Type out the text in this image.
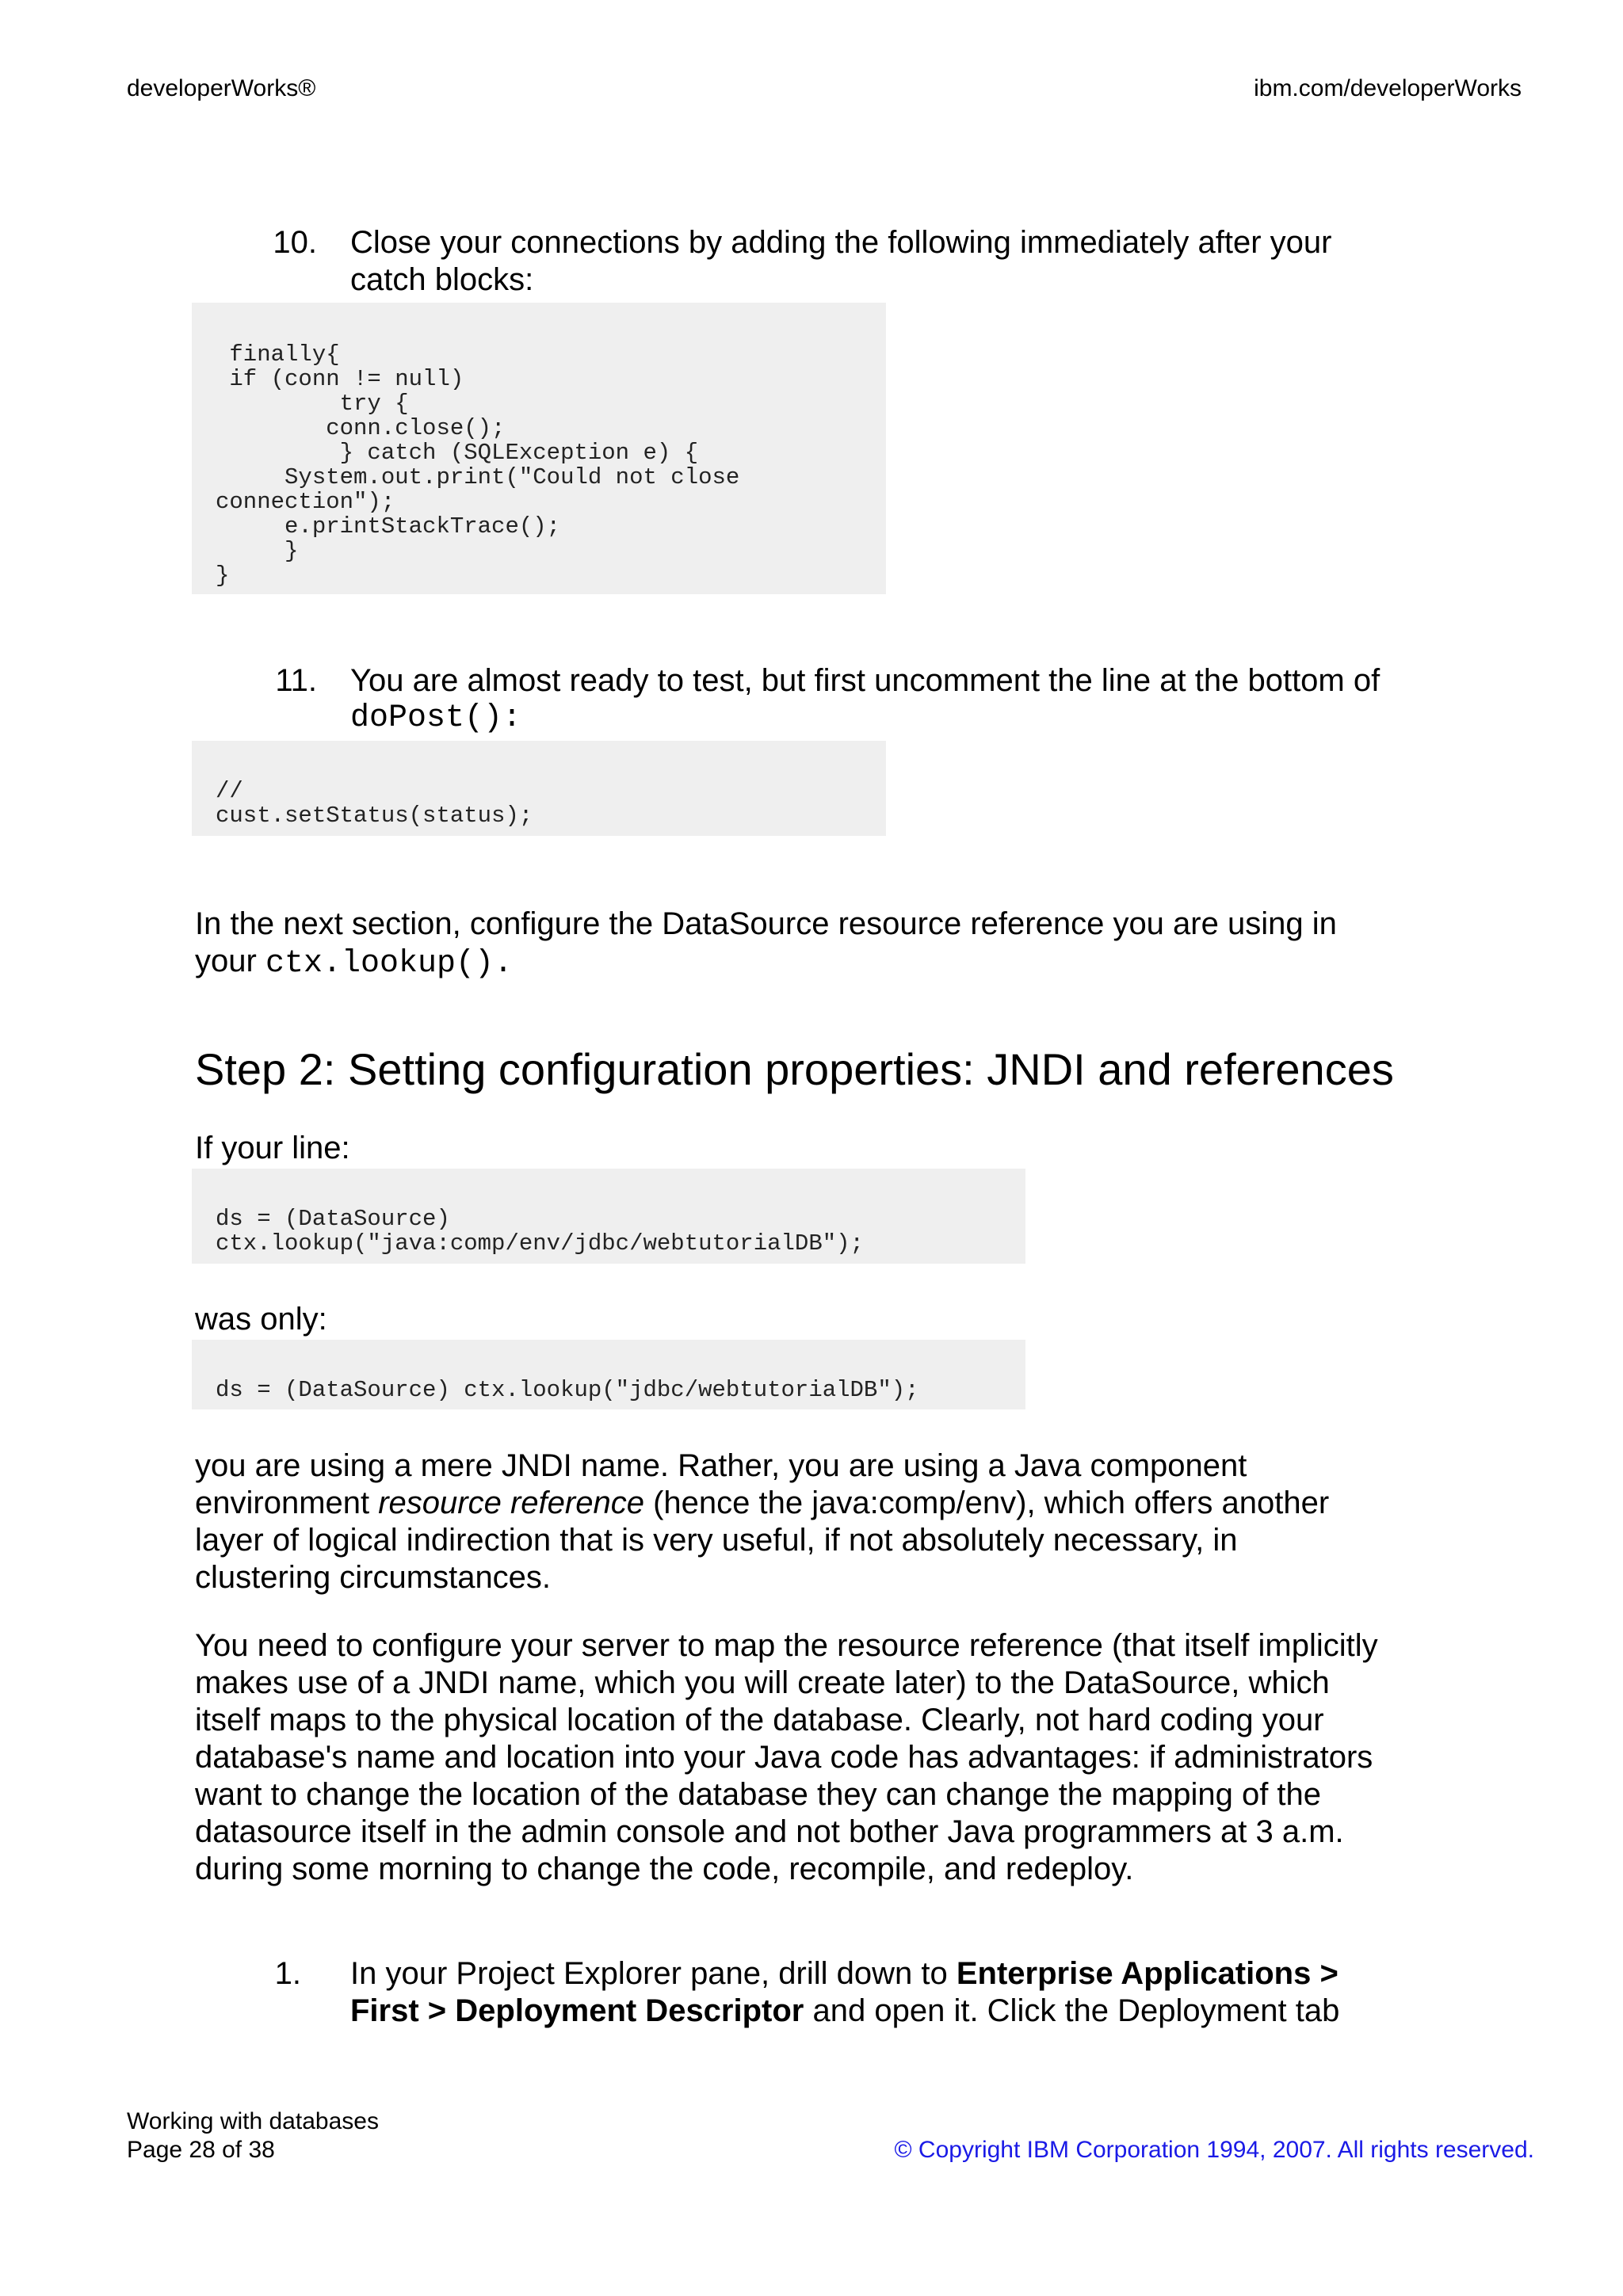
developerWorks®	ibm.com/developerWorks
10. Close your connections by adding the following immediately after your
catch blocks:
finally{
if (conn != null)
try {
conn.close();
} catch (SQLException e) {
System.out.print("Could not close
connection");
e.printStackTrace();
}
}
11. You are almost ready to test, but first uncomment the line at the bottom of
doPost():
//
cust.setStatus(status);
In the next section, configure the DataSource resource reference you are using in
your ctx.lookup().
Step 2: Setting configuration properties: JNDI and references
If your line:
ds = (DataSource)
ctx.lookup("java:comp/env/jdbc/webtutorialDB");
was only:
ds = (DataSource) ctx.lookup("jdbc/webtutorialDB");
you are using a mere JNDI name. Rather, you are using a Java component
environment resource reference (hence the java:comp/env), which offers another
layer of logical indirection that is very useful, if not absolutely necessary, in
clustering circumstances.
You need to configure your server to map the resource reference (that itself implicitly
makes use of a JNDI name, which you will create later) to the DataSource, which
itself maps to the physical location of the database. Clearly, not hard coding your
database's name and location into your Java code has advantages: if administrators
want to change the location of the database they can change the mapping of the
datasource itself in the admin console and not bother Java programmers at 3 a.m.
during some morning to change the code, recompile, and redeploy.
1. In your Project Explorer pane, drill down to Enterprise Applications >
First > Deployment Descriptor and open it. Click the Deployment tab
Working with databases
Page 28 of 38	© Copyright IBM Corporation 1994, 2007. All rights reserved.
